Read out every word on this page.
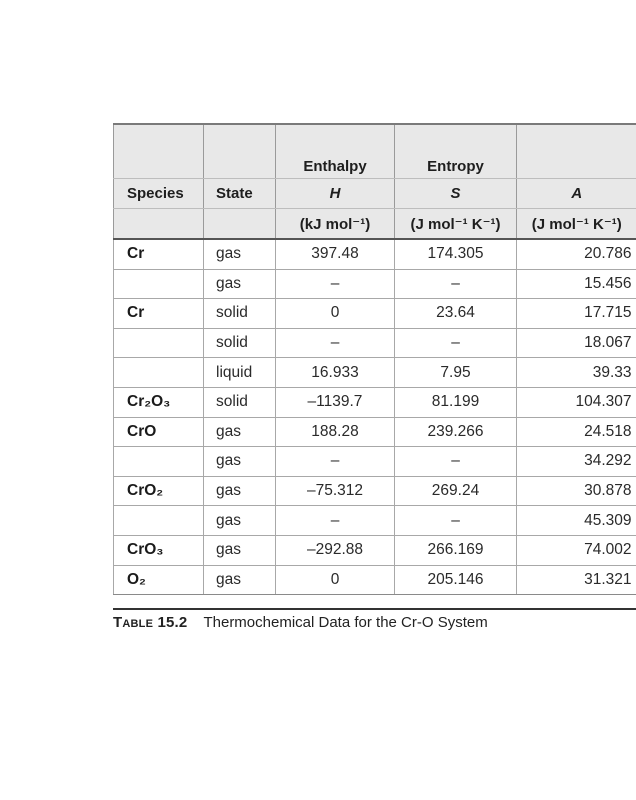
		Enthalpy	Entropy	
Species	State	H	S	A
		(kJ mol⁻¹)	(J mol⁻¹ K⁻¹)	(J mol⁻¹ K⁻¹)
Cr	gas	397.48	174.305	20.786
	gas	–	–	15.456
Cr	solid	0	23.64	17.715
	solid	–	–	18.067
	liquid	16.933	7.95	39.33
Cr₂O₃	solid	–1139.7	81.199	104.307
CrO	gas	188.28	239.266	24.518
	gas	–	–	34.292
CrO₂	gas	–75.312	269.24	30.878
	gas	–	–	45.309
CrO₃	gas	–292.88	266.169	74.002
O₂	gas	0	205.146	31.321
Table 15.2 Thermochemical Data for the Cr-O System
